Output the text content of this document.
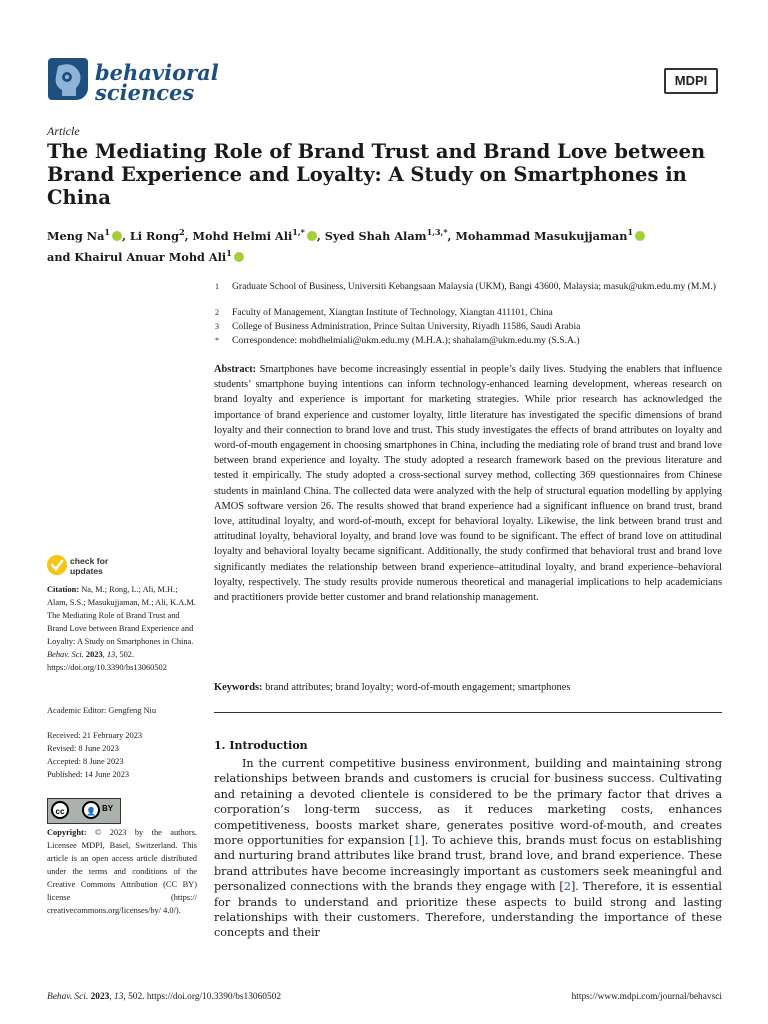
behavioral
sciences	MDPI
Article
The Mediating Role of Brand Trust and Brand Love between Brand Experience and Loyalty: A Study on Smartphones in China
Meng Na$^1$ , Li Rong$^2$, Mohd Helmi Ali$^{1,*}$ , Syed Shah Alam$^{1,3,*}$, Mohammad Masukujjaman$^1$
and Khairul Anuar Mohd Ali$^1$
1 Graduate School of Business, Universiti Kebangsaan Malaysia (UKM), Bangi 43600, Malaysia; masuk@ukm.edu.my (M.M.)
2 Faculty of Management, Xiangtan Institute of Technology, Xiangtan 411101, China
3 College of Business Administration, Prince Sultan University, Riyadh 11586, Saudi Arabia
* Correspondence: mohdhelmiali@ukm.edu.my (M.H.A.); shahalam@ukm.edu.my (S.S.A.)
Abstract: Smartphones have become increasingly essential in people’s daily lives. Studying the enablers that influence students’ smartphone buying intentions can inform technology-enhanced learning development, whereas research on brand loyalty and experience is important for marketing strategies. While prior research has acknowledged the importance of brand experience and customer loyalty, little literature has investigated the specific dimensions of brand loyalty and their connection to brand love and trust. This study investigates the effects of brand attributes on loyalty and word-of-mouth engagement in choosing smartphones in China, including the mediating role of brand trust and brand love between brand experience and loyalty. The study adopted a research framework based on the previous literature and tested it empirically. The study adopted a cross-sectional survey method, collecting 369 questionnaires from Chinese students in mainland China. The collected data were analyzed with the help of structural equation modelling by applying AMOS software version 26. The results showed that brand experience had a significant influence on brand trust, brand love, attitudinal loyalty, and word-of-mouth, except for behavioral loyalty. Likewise, the link between brand trust and attitudinal loyalty, behavioral loyalty, and brand love was found to be significant. The effect of brand love on attitudinal loyalty and behavioral loyalty became significant. Additionally, the study confirmed that behavioral trust and brand love significantly mediates the relationship between brand experience–attitudinal loyalty, and brand experience–behavioral loyalty, respectively. The study results provide numerous theoretical and managerial implications to help academicians and practitioners provide better customer and brand relationship management.
Keywords: brand attributes; brand loyalty; word-of-mouth engagement; smartphones
1. Introduction

In the current competitive business environment, building and maintaining strong relationships between brands and customers is crucial for business success. Cultivating and retaining a devoted clientele is considered to be the primary factor that drives a corporation’s long-term success, as it reduces marketing costs, enhances competitiveness, boosts market share, generates positive word-of-mouth, and creates more opportunities for expansion [1]. To achieve this, brands must focus on establishing and nurturing brand attributes like brand trust, brand love, and brand experience. These brand attributes have become increasingly important as customers seek meaningful and personalized connections with the brands they engage with [2]. Therefore, it is essential for brands to understand and prioritize these aspects to build strong and lasting relationships with their customers. Therefore, understanding the importance of these concepts and their

check for
updates
Citation: Na, M.; Rong, L.; Ali, M.H.; Alam, S.S.; Masukujjaman, M.; Ali, K.A.M. The Mediating Role of Brand Trust and Brand Love between Brand Experience and Loyalty: A Study on Smartphones in China. Behav. Sci. 2023, 13, 502. https://doi.org/10.3390/bs13060502
Academic Editor: Gengfeng Niu
Received: 21 February 2023
Revised: 8 June 2023
Accepted: 8 June 2023
Published: 14 June 2023
cc	👤 BY
Copyright: © 2023 by the authors. Licensee MDPI, Basel, Switzerland. This article is an open access article distributed under the terms and conditions of the Creative Commons Attribution (CC BY) license (https:// creativecommons.org/licenses/by/ 4.0/).
Behav. Sci. 2023, 13, 502. https://doi.org/10.3390/bs13060502	https://www.mdpi.com/journal/behavsci
